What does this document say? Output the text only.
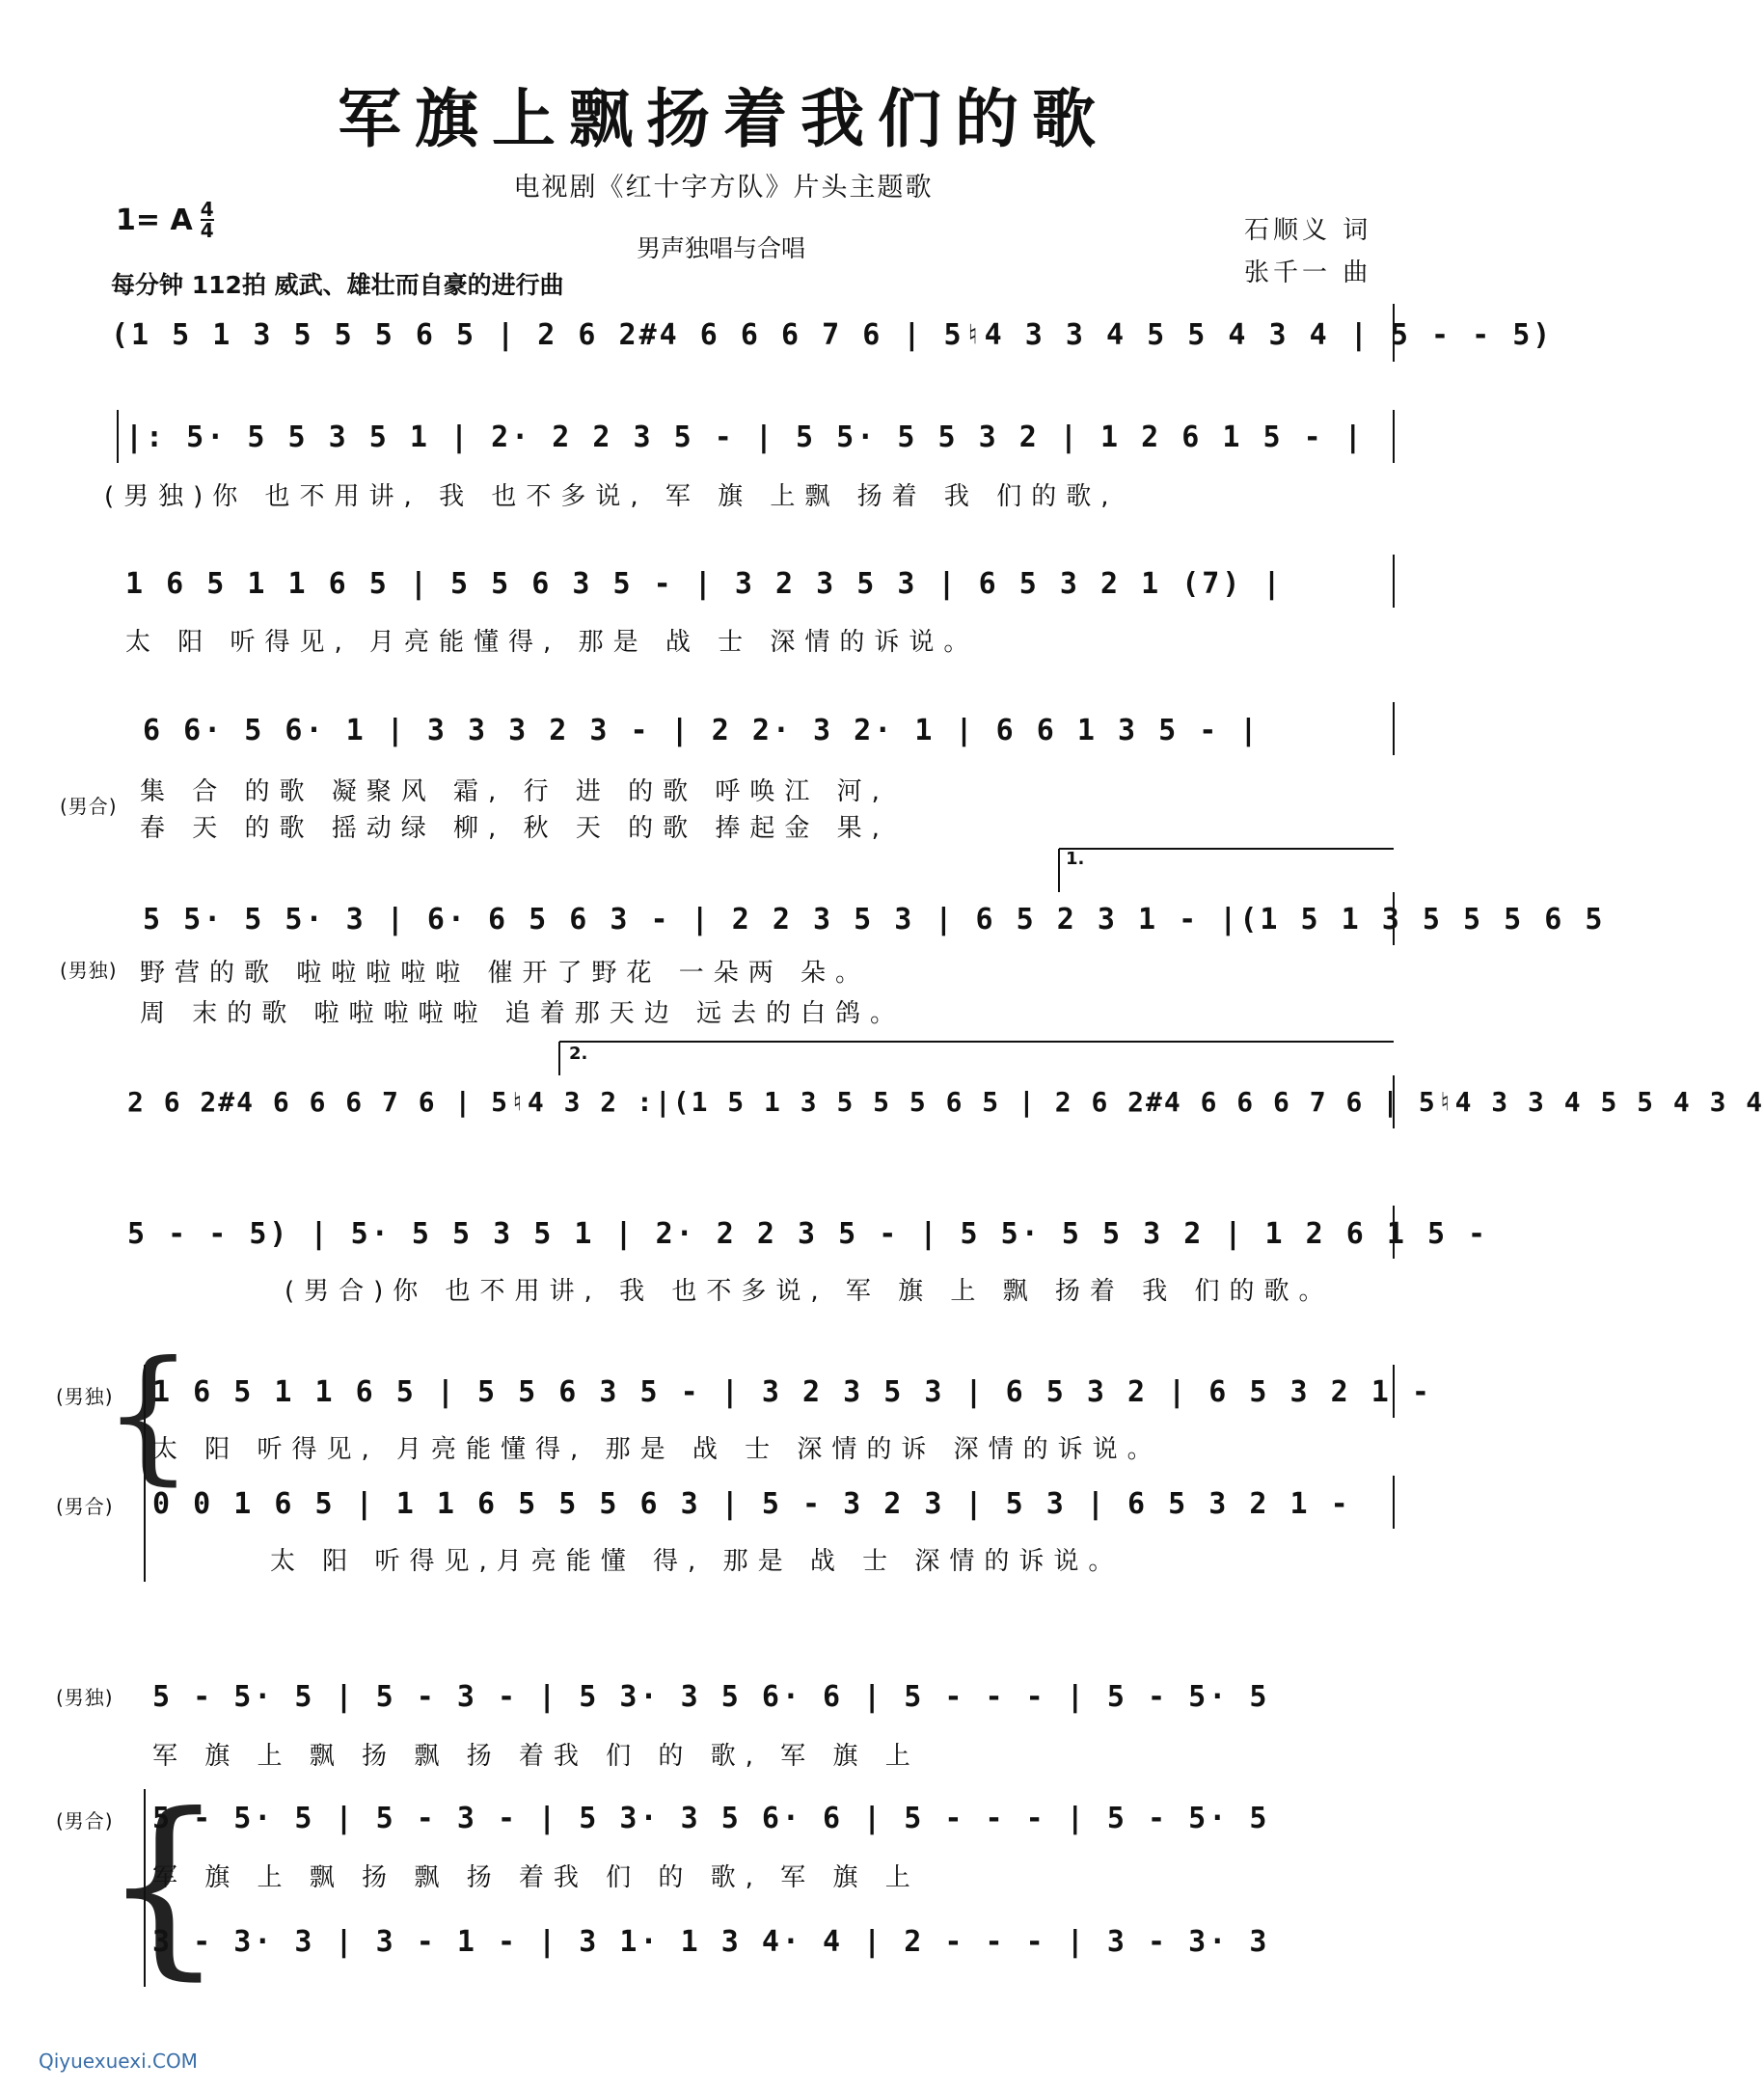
军旗上飘扬着我们的歌
电视剧《红十字方队》片头主题歌
1= A $\frac{4}{4}$
男声独唱与合唱
每分钟 112拍 威武、雄壮而自豪的进行曲
石顺义 词
张千一 曲
(1 5 1 3 5 5 5 6 5 | 2 6 2#4 6 6 6 7 6 | 5♮4 3 3 4 5 5 4 3 4 | 5 - - 5)
|: 5· 5 5 3 5 1 | 2· 2 2 3 5 - | 5 5· 5 5 3 2 | 1 2 6 1 5 - |
(男独)你 也不用讲, 我 也不多说, 军 旗 上飘 扬着 我 们的歌,
1 6 5 1 1 6 5 | 5 5 6 3 5 - | 3 2 3 5 3 | 6 5 3 2 1 (7) |
太 阳 听得见, 月亮能懂得, 那是 战 士 深情的诉说。
6 6· 5 6· 1 | 3 3 3 2 3 - | 2 2· 3 2· 1 | 6 6 1 3 5 - |
(男合) 集 合 的歌 凝聚风 霜, 行 进 的歌 呼唤江 河,
春 天 的歌 摇动绿 柳, 秋 天 的歌 捧起金 果,
1.
5 5· 5 5· 3 | 6· 6 5 6 3 - | 2 2 3 5 3 | 6 5 2 3 1 - |(1 5 1 3 5 5 5 6 5
(男独) 野营的歌 啦啦啦啦啦 催开了野花 一朵两 朵。
周 末的歌 啦啦啦啦啦 追着那天边 远去的白鸽。
2.
2 6 2#4 6 6 6 7 6 | 5♮4 3 2 :|(1 5 1 3 5 5 5 6 5 | 2 6 2#4 6 6 6 7 6 | 5♮4 3 3 4 5 5 4 3 4
5 - - 5) | 5· 5 5 3 5 1 | 2· 2 2 3 5 - | 5 5· 5 5 3 2 | 1 2 6 1 5 -
(男合)你 也不用讲, 我 也不多说, 军 旗 上 飘 扬着 我 们的歌。
{
(男独) 1 6 5 1 1 6 5 | 5 5 6 3 5 - | 3 2 3 5 3 | 6 5 3 2 | 6 5 3 2 1 -
太 阳 听得见, 月亮能懂得, 那是 战 士 深情的诉 深情的诉说。
(男合) 0 0 1 6 5 | 1 1 6 5 5 5 6 3 | 5 - 3 2 3 | 5 3 | 6 5 3 2 1 -
太 阳 听得见,月亮能懂 得, 那是 战 士 深情的诉说。
(男独) 5 - 5· 5 | 5 - 3 - | 5 3· 3 5 6· 6 | 5 - - - | 5 - 5· 5
军 旗 上 飘 扬 飘 扬 着我 们 的 歌, 军 旗 上
{
(男合) 5 - 5· 5 | 5 - 3 - | 5 3· 3 5 6· 6 | 5 - - - | 5 - 5· 5
军 旗 上 飘 扬 飘 扬 着我 们 的 歌, 军 旗 上
3 - 3· 3 | 3 - 1 - | 3 1· 1 3 4· 4 | 2 - - - | 3 - 3· 3
Qiyuexuexi.COM
